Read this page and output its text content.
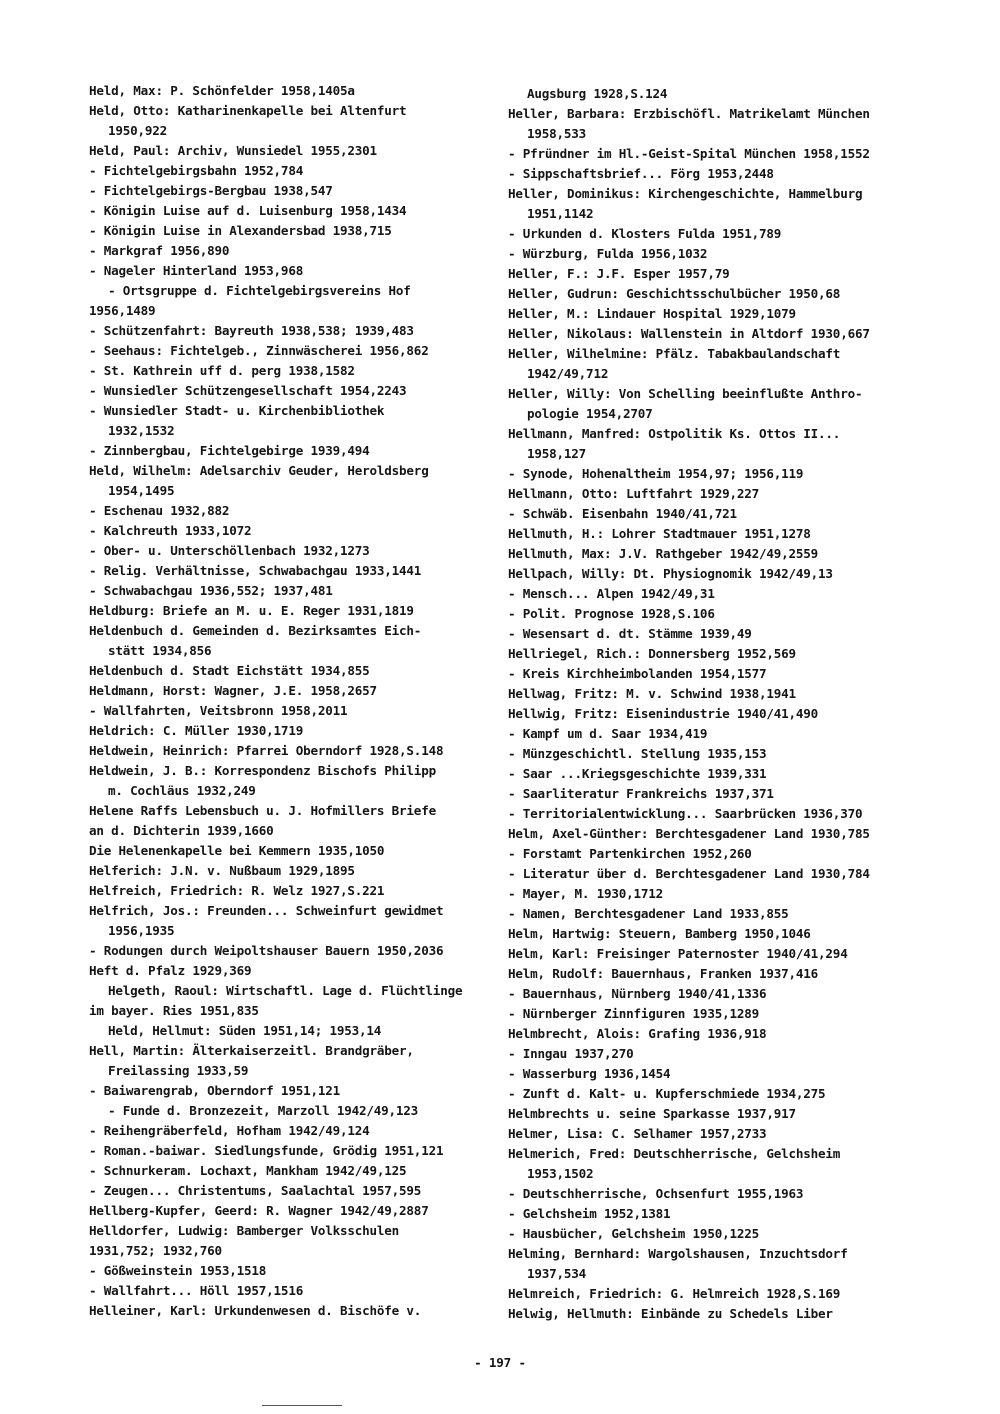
Held, Max: P. Schönfelder 1958,1405a
Held, Otto: Katharinenkapelle bei Altenfurt
1950,922
Held, Paul: Archiv, Wunsiedel 1955,2301
- Fichtelgebirgsbahn 1952,784
- Fichtelgebirgs-Bergbau 1938,547
- Königin Luise auf d. Luisenburg 1958,1434
- Königin Luise in Alexandersbad 1938,715
- Markgraf 1956,890
- Nageler Hinterland 1953,968
- Ortsgruppe d. Fichtelgebirgsvereins Hof
1956,1489
- Schützenfahrt: Bayreuth 1938,538; 1939,483
- Seehaus: Fichtelgeb., Zinnwäscherei 1956,862
- St. Kathrein uff d. perg 1938,1582
- Wunsiedler Schützengesellschaft 1954,2243
- Wunsiedler Stadt- u. Kirchenbibliothek
1932,1532
- Zinnbergbau, Fichtelgebirge 1939,494
Held, Wilhelm: Adelsarchiv Geuder, Heroldsberg
1954,1495
- Eschenau 1932,882
- Kalchreuth 1933,1072
- Ober- u. Unterschöllenbach 1932,1273
- Relig. Verhältnisse, Schwabachgau 1933,1441
- Schwabachgau 1936,552; 1937,481
Heldburg: Briefe an M. u. E. Reger 1931,1819
Heldenbuch d. Gemeinden d. Bezirksamtes Eich-
stätt 1934,856
Heldenbuch d. Stadt Eichstätt 1934,855
Heldmann, Horst: Wagner, J.E. 1958,2657
- Wallfahrten, Veitsbronn 1958,2011
Heldrich: C. Müller 1930,1719
Heldwein, Heinrich: Pfarrei Oberndorf 1928,S.148
Heldwein, J. B.: Korrespondenz Bischofs Philipp
m. Cochläus 1932,249
Helene Raffs Lebensbuch u. J. Hofmillers Briefe
an d. Dichterin 1939,1660
Die Helenenkapelle bei Kemmern 1935,1050
Helferich: J.N. v. Nußbaum 1929,1895
Helfreich, Friedrich: R. Welz 1927,S.221
Helfrich, Jos.: Freunden... Schweinfurt gewidmet
1956,1935
- Rodungen durch Weipoltshauser Bauern 1950,2036
Heft d. Pfalz 1929,369
Helgeth, Raoul: Wirtschaftl. Lage d. Flüchtlinge
im bayer. Ries 1951,835
Held, Hellmut: Süden 1951,14; 1953,14
Hell, Martin: Älterkaiserzeitl. Brandgräber,
Freilassing 1933,59
- Baiwarengrab, Oberndorf 1951,121
- Funde d. Bronzezeit, Marzoll 1942/49,123
- Reihengräberfeld, Hofham 1942/49,124
- Roman.-baiwar. Siedlungsfunde, Grödig 1951,121
- Schnurkeram. Lochaxt, Mankham 1942/49,125
- Zeugen... Christentums, Saalachtal 1957,595
Hellberg-Kupfer, Geerd: R. Wagner 1942/49,2887
Helldorfer, Ludwig: Bamberger Volksschulen
1931,752; 1932,760
- Gößweinstein 1953,1518
- Wallfahrt... Höll 1957,1516
Helleiner, Karl: Urkundenwesen d. Bischöfe v.
Augsburg 1928,S.124
Heller, Barbara: Erzbischöfl. Matrikelamt München
1958,533
- Pfründner im Hl.-Geist-Spital München 1958,1552
- Sippschaftsbrief... Förg 1953,2448
Heller, Dominikus: Kirchengeschichte, Hammelburg
1951,1142
- Urkunden d. Klosters Fulda 1951,789
- Würzburg, Fulda 1956,1032
Heller, F.: J.F. Esper 1957,79
Heller, Gudrun: Geschichtsschulbücher 1950,68
Heller, M.: Lindauer Hospital 1929,1079
Heller, Nikolaus: Wallenstein in Altdorf 1930,667
Heller, Wilhelmine: Pfälz. Tabakbaulandschaft
1942/49,712
Heller, Willy: Von Schelling beeinflußte Anthro-
pologie 1954,2707
Hellmann, Manfred: Ostpolitik Ks. Ottos II...
1958,127
- Synode, Hohenaltheim 1954,97; 1956,119
Hellmann, Otto: Luftfahrt 1929,227
- Schwäb. Eisenbahn 1940/41,721
Hellmuth, H.: Lohrer Stadtmauer 1951,1278
Hellmuth, Max: J.V. Rathgeber 1942/49,2559
Hellpach, Willy: Dt. Physiognomik 1942/49,13
- Mensch... Alpen 1942/49,31
- Polit. Prognose 1928,S.106
- Wesensart d. dt. Stämme 1939,49
Hellriegel, Rich.: Donnersberg 1952,569
- Kreis Kirchheimbolanden 1954,1577
Hellwag, Fritz: M. v. Schwind 1938,1941
Hellwig, Fritz: Eisenindustrie 1940/41,490
- Kampf um d. Saar 1934,419
- Münzgeschichtl. Stellung 1935,153
- Saar ...Kriegsgeschichte 1939,331
- Saarliteratur Frankreichs 1937,371
- Territorialentwicklung... Saarbrücken 1936,370
Helm, Axel-Günther: Berchtesgadener Land 1930,785
- Forstamt Partenkirchen 1952,260
- Literatur über d. Berchtesgadener Land 1930,784
- Mayer, M. 1930,1712
- Namen, Berchtesgadener Land 1933,855
Helm, Hartwig: Steuern, Bamberg 1950,1046
Helm, Karl: Freisinger Paternoster 1940/41,294
Helm, Rudolf: Bauernhaus, Franken 1937,416
- Bauernhaus, Nürnberg 1940/41,1336
- Nürnberger Zinnfiguren 1935,1289
Helmbrecht, Alois: Grafing 1936,918
- Inngau 1937,270
- Wasserburg 1936,1454
- Zunft d. Kalt- u. Kupferschmiede 1934,275
Helmbrechts u. seine Sparkasse 1937,917
Helmer, Lisa: C. Selhamer 1957,2733
Helmerich, Fred: Deutschherrische, Gelchsheim
1953,1502
- Deutschherrische, Ochsenfurt 1955,1963
- Gelchsheim 1952,1381
- Hausbücher, Gelchsheim 1950,1225
Helming, Bernhard: Wargolshausen, Inzuchtsdorf
1937,534
Helmreich, Friedrich: G. Helmreich 1928,S.169
Helwig, Hellmuth: Einbände zu Schedels Liber
- 197 -
